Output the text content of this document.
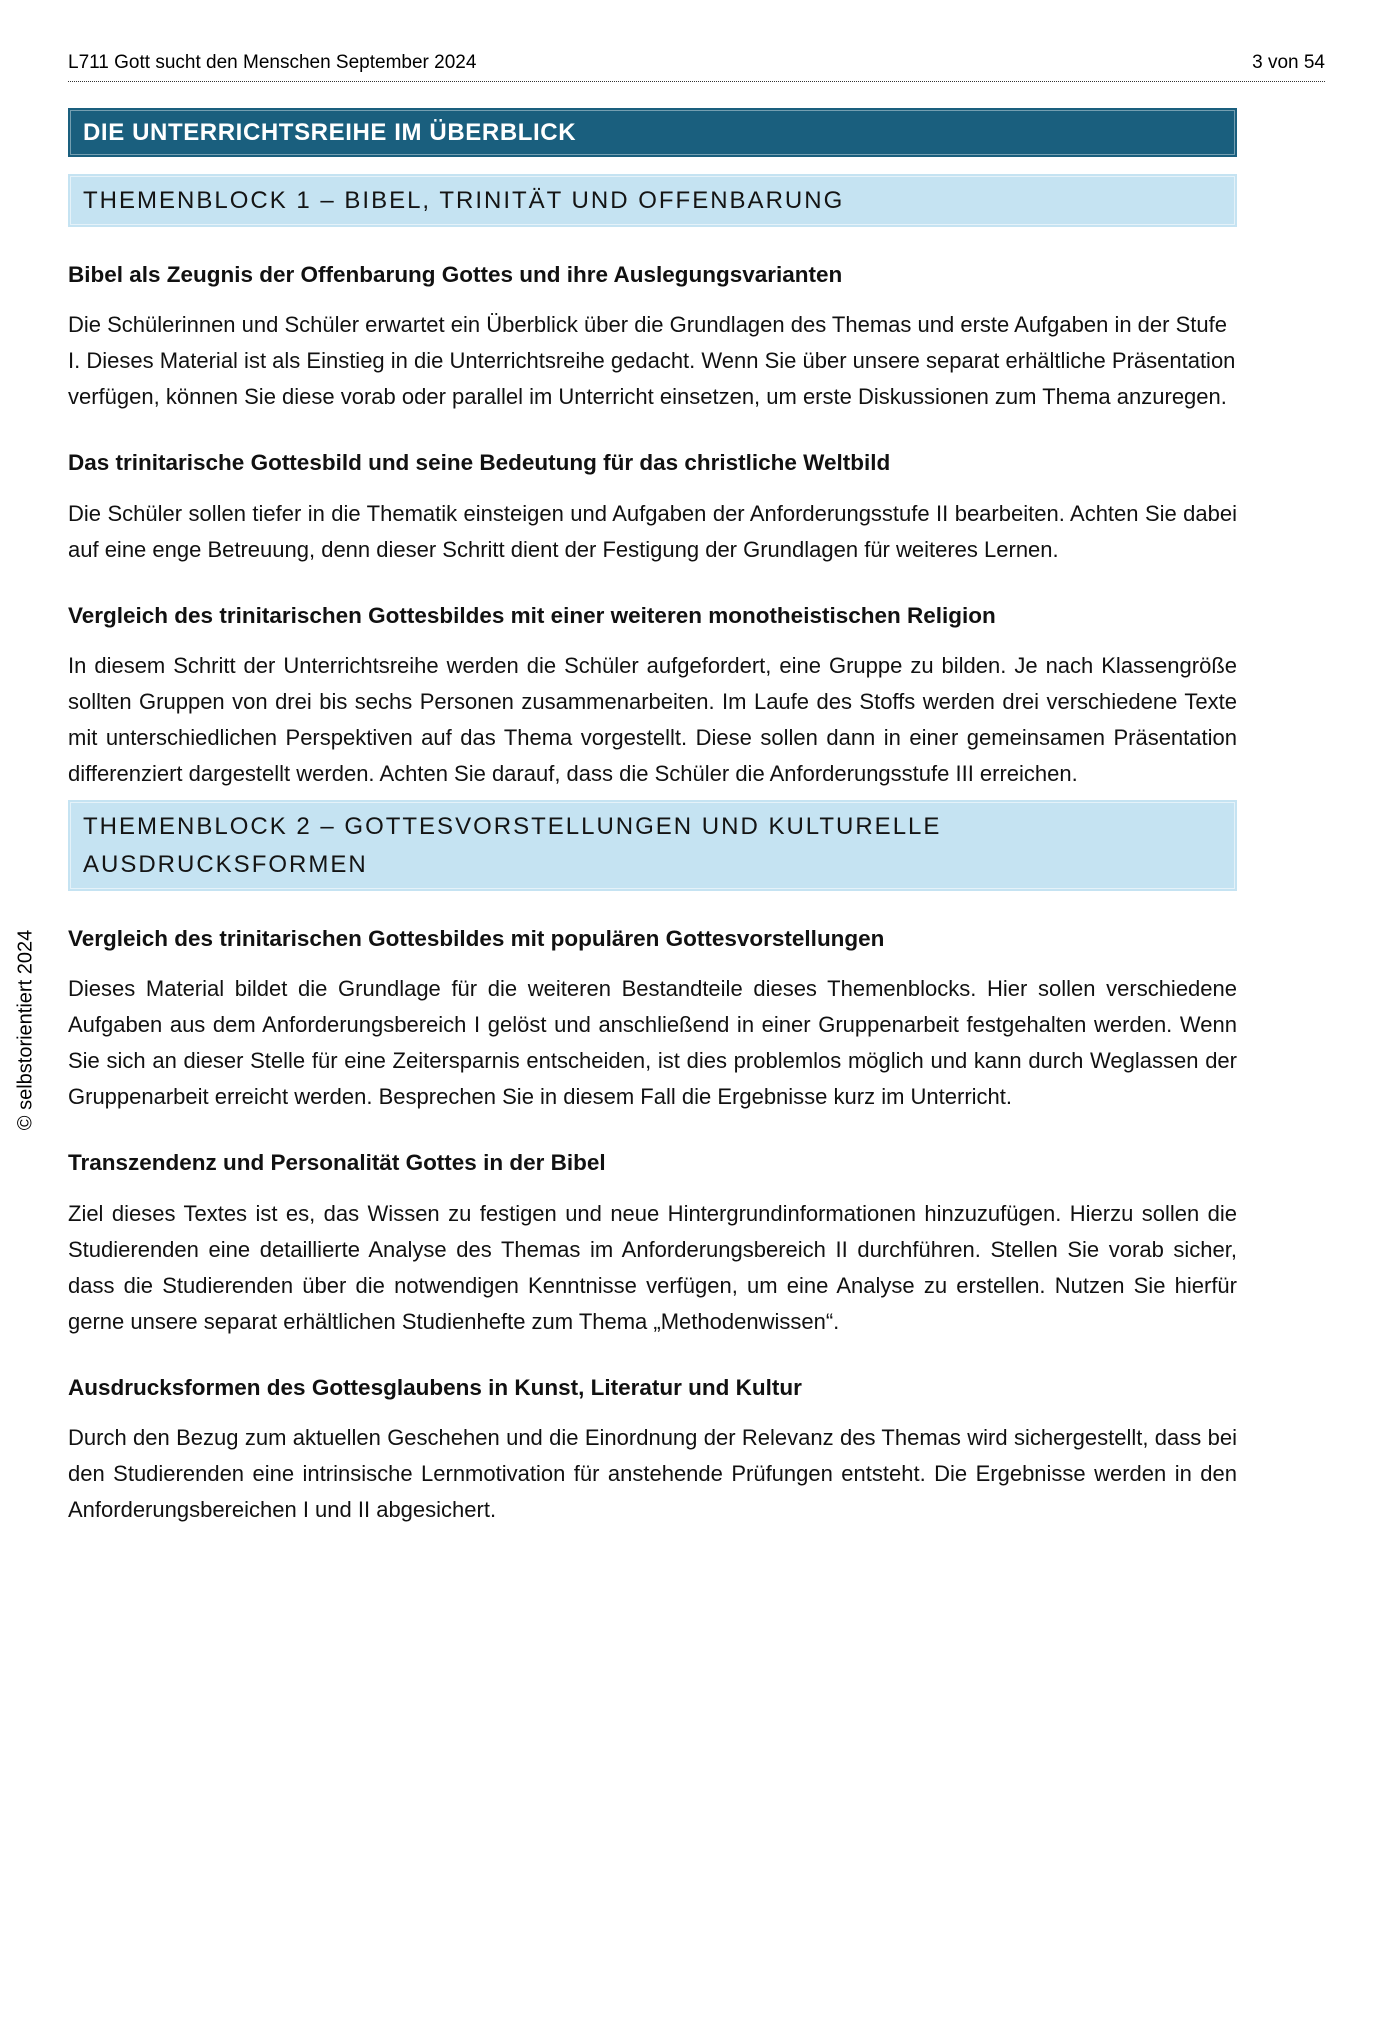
L711 Gott sucht den Menschen September 2024	3 von 54
DIE UNTERRICHTSREIHE IM ÜBERBLICK
THEMENBLOCK 1 – BIBEL, TRINITÄT UND OFFENBARUNG
Bibel als Zeugnis der Offenbarung Gottes und ihre Auslegungsvarianten

Die Schülerinnen und Schüler erwartet ein Überblick über die Grundlagen des Themas und erste Aufgaben in der Stufe I. Dieses Material ist als Einstieg in die Unterrichtsreihe gedacht. Wenn Sie über unsere separat erhältliche Präsentation verfügen, können Sie diese vorab oder parallel im Unterricht einsetzen, um erste Diskussionen zum Thema anzuregen.

Das trinitarische Gottesbild und seine Bedeutung für das christliche Weltbild

Die Schüler sollen tiefer in die Thematik einsteigen und Aufgaben der Anforderungsstufe II bearbeiten. Achten Sie dabei auf eine enge Betreuung, denn dieser Schritt dient der Festigung der Grundlagen für weiteres Lernen.

Vergleich des trinitarischen Gottesbildes mit einer weiteren monotheistischen Religion

In diesem Schritt der Unterrichtsreihe werden die Schüler aufgefordert, eine Gruppe zu bilden. Je nach Klassengröße sollten Gruppen von drei bis sechs Personen zusammenarbeiten. Im Laufe des Stoffs werden drei verschiedene Texte mit unterschiedlichen Perspektiven auf das Thema vorgestellt. Diese sollen dann in einer gemeinsamen Präsentation differenziert dargestellt werden. Achten Sie darauf, dass die Schüler die Anforderungsstufe III erreichen.

THEMENBLOCK 2 – GOTTESVORSTELLUNGEN UND KULTURELLE AUSDRUCKSFORMEN
Vergleich des trinitarischen Gottesbildes mit populären Gottesvorstellungen

Dieses Material bildet die Grundlage für die weiteren Bestandteile dieses Themenblocks. Hier sollen verschiedene Aufgaben aus dem Anforderungsbereich I gelöst und anschließend in einer Gruppenarbeit festgehalten werden. Wenn Sie sich an dieser Stelle für eine Zeitersparnis entscheiden, ist dies problemlos möglich und kann durch Weglassen der Gruppenarbeit erreicht werden. Besprechen Sie in diesem Fall die Ergebnisse kurz im Unterricht.

Transzendenz und Personalität Gottes in der Bibel

Ziel dieses Textes ist es, das Wissen zu festigen und neue Hintergrundinformationen hinzuzufügen. Hierzu sollen die Studierenden eine detaillierte Analyse des Themas im Anforderungsbereich II durchführen. Stellen Sie vorab sicher, dass die Studierenden über die notwendigen Kenntnisse verfügen, um eine Analyse zu erstellen. Nutzen Sie hierfür gerne unsere separat erhältlichen Studienhefte zum Thema „Methodenwissen“.

Ausdrucksformen des Gottesglaubens in Kunst, Literatur und Kultur

Durch den Bezug zum aktuellen Geschehen und die Einordnung der Relevanz des Themas wird sichergestellt, dass bei den Studierenden eine intrinsische Lernmotivation für anstehende Prüfungen entsteht. Die Ergebnisse werden in den Anforderungsbereichen I und II abgesichert.

© selbstorientiert 2024
